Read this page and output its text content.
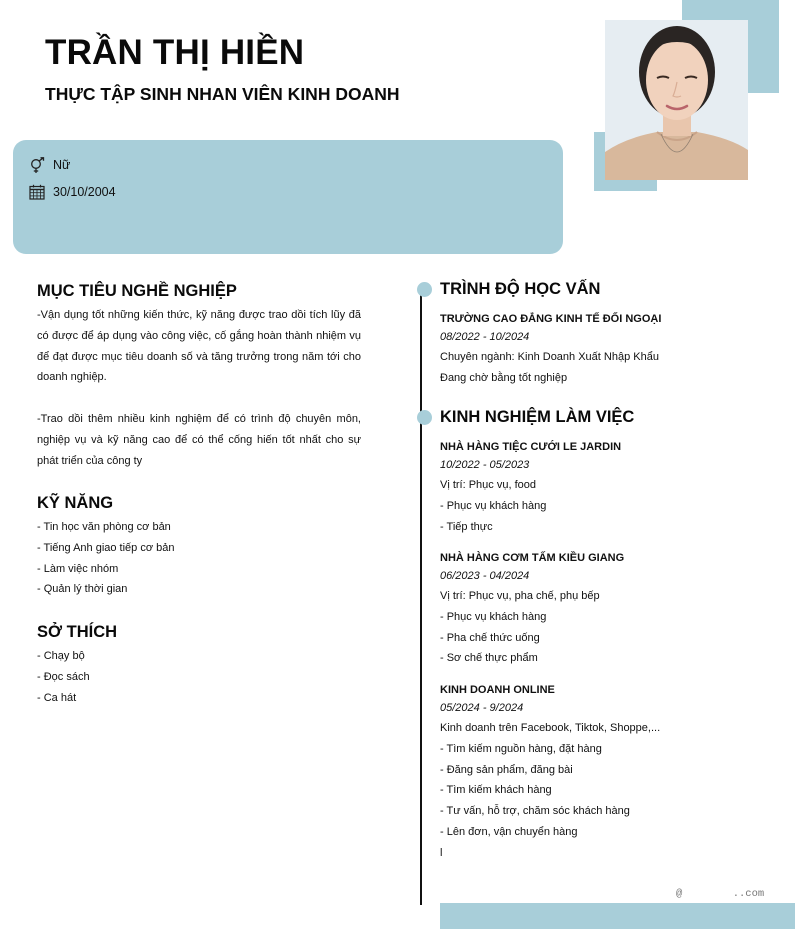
TRẦN THỊ HIỀN
THỰC TẬP SINH NHAN VIÊN KINH DOANH
Nữ
30/10/2004
MỤC TIÊU NGHỀ NGHIỆP
-Vận dụng tốt những kiến thức, kỹ năng được trao dồi tích lũy đã có được để áp dụng vào công việc, cố gắng hoàn thành nhiệm vụ để đạt được mục tiêu doanh số và tăng trưởng trong năm tới cho doanh nghiệp.
-Trao dồi thêm nhiều kinh nghiệm để có trình độ chuyên môn, nghiệp vụ và kỹ năng cao để có thể cống hiến tốt nhất cho sự phát triển của công ty
KỸ NĂNG
- Tin học văn phòng cơ bản
- Tiếng Anh giao tiếp cơ bản
- Làm việc nhóm
- Quản lý thời gian
SỞ THÍCH
- Chạy bộ
- Đọc sách
- Ca hát
TRÌNH ĐỘ HỌC VẤN
TRƯỜNG CAO ĐẲNG KINH TẾ ĐỐI NGOẠI
08/2022 - 10/2024
Chuyên ngành: Kinh Doanh Xuất Nhập Khẩu
Đang chờ bằng tốt nghiệp
KINH NGHIỆM LÀM VIỆC
NHÀ HÀNG TIỆC CƯỚI LE JARDIN
10/2022 - 05/2023
Vị trí: Phục vụ, food
- Phục vụ khách hàng
- Tiếp thực
NHÀ HÀNG CƠM TẤM KIỀU GIANG
06/2023 - 04/2024
Vị trí: Phục vụ, pha chế, phụ bếp
- Phục vụ khách hàng
- Pha chế thức uống
- Sơ chế thực phẩm
KINH DOANH ONLINE
05/2024 - 9/2024
Kinh doanh trên Facebook, Tiktok, Shoppe,...
- Tìm kiếm nguồn hàng, đặt hàng
- Đăng sản phẩm, đăng bài
- Tìm kiếm khách hàng
- Tư vấn, hỗ trợ, chăm sóc khách hàng
- Lên đơn, vận chuyển hàng
l
@        ..com
